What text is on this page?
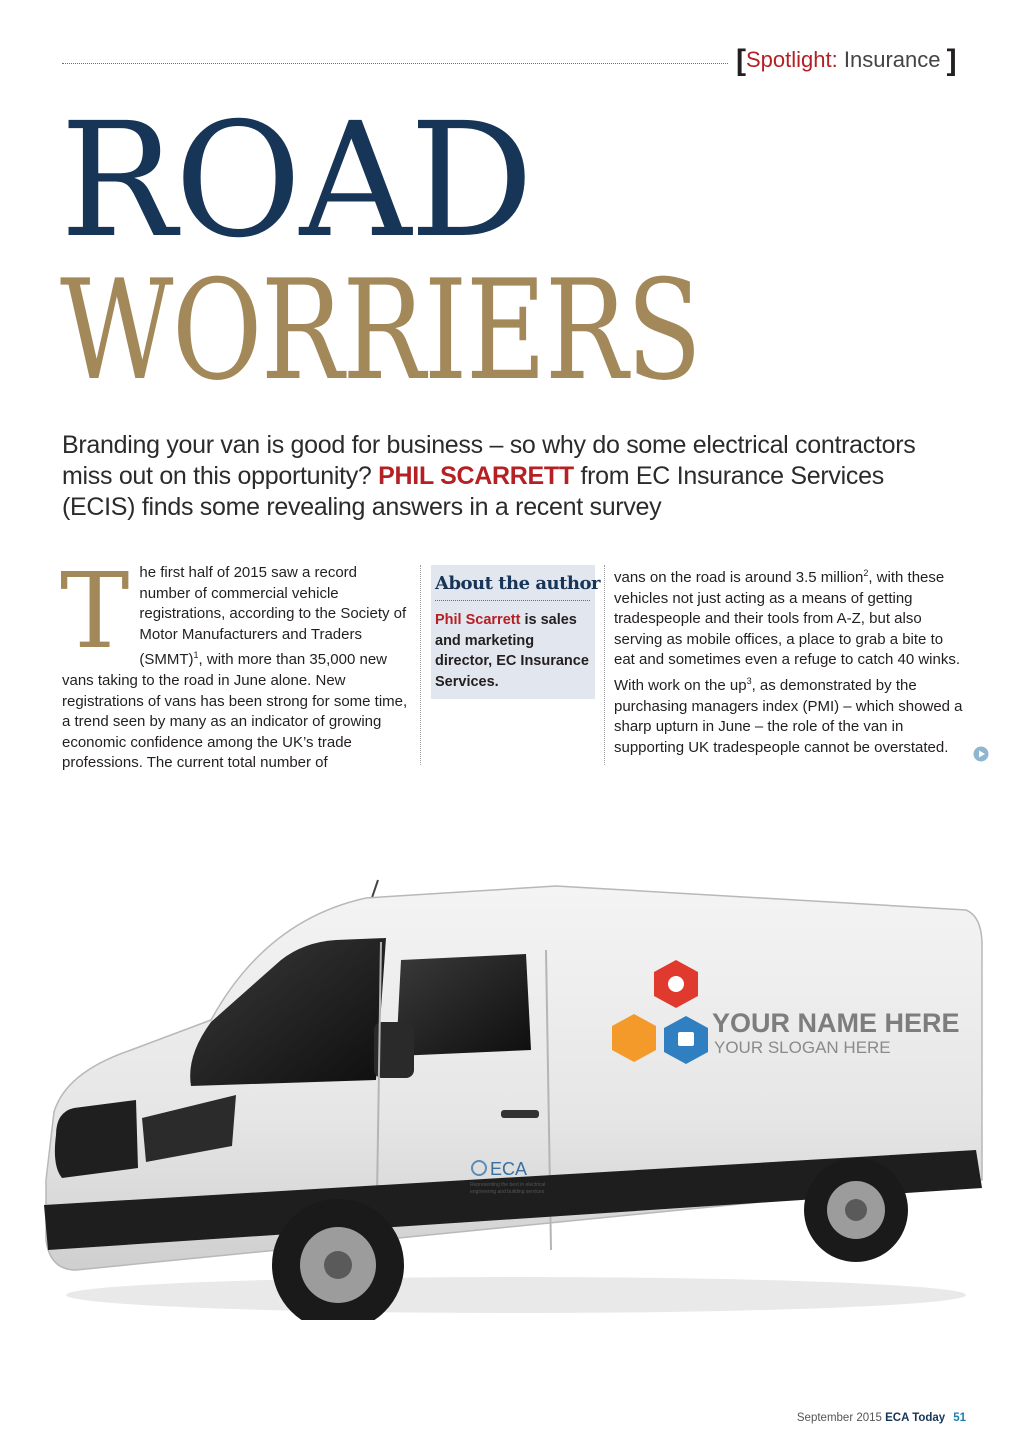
[Spotlight: Insurance ]
ROAD
WORRIERS

Branding your van is good for business – so why do some electrical contractors miss out on this opportunity? PHIL SCARRETT from EC Insurance Services (ECIS) finds some revealing answers in a recent survey

The first half of 2015 saw a record number of commercial vehicle registrations, according to the Society of Motor Manufacturers and Traders (SMMT)$^1$, with more than 35,000 new vans taking to the road in June alone. New registrations of vans has been strong for some time, a trend seen by many as an indicator of growing economic confidence among the UK’s trade professions. The current total number of
About the author
Phil Scarrett is sales and marketing director, EC Insurance Services.
vans on the road is around 3.5 million$^2$, with these vehicles not just acting as a means of getting tradespeople and their tools from A-Z, but also serving as mobile offices, a place to grab a bite to eat and sometimes even a refuge to catch 40 winks. With work on the $up^3$, as demonstrated by the purchasing managers index (PMI) – which showed a sharp upturn in June – the role of the van in supporting UK tradespeople cannot be overstated.
YOUR NAME HERE
YOUR SLOGAN HERE
ECA
Representing the best in electrical
engineering and building services
September 2015 ECA Today 51
